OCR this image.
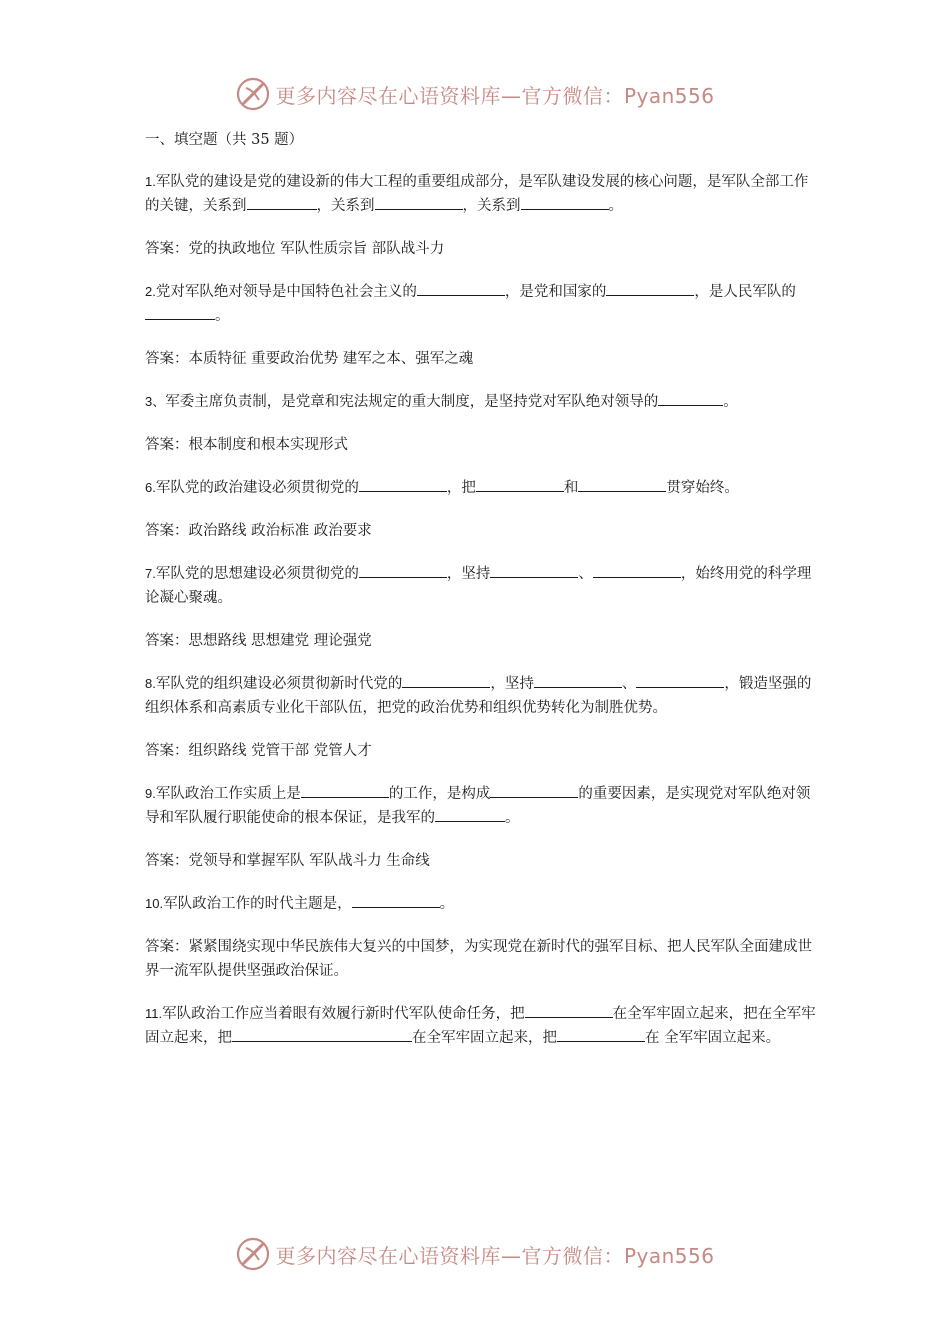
更多内容尽在心语资料库—官方微信：Pyan556
一、填空题（共 35 题）
1.军队党的建设是党的建设新的伟大工程的重要组成部分，是军队建设发展的核心问题，是军队全部工作的关键，关系到	，关系到	，关系到	。
答案：党的执政地位 军队性质宗旨 部队战斗力
2.党对军队绝对领导是中国特色社会主义的	，是党和国家的	，是人民军队的。
答案：本质特征 重要政治优势 建军之本、强军之魂
3、军委主席负责制，是党章和宪法规定的重大制度，是坚持党对军队绝对领导的	。
答案：根本制度和根本实现形式
6.军队党的政治建设必须贯彻党的	，把	和	贯穿始终。
答案：政治路线 政治标准 政治要求
7.军队党的思想建设必须贯彻党的	，坚持	、	，始终用党的科学理论凝心聚魂。
答案：思想路线 思想建党 理论强党
8.军队党的组织建设必须贯彻新时代党的	，坚持	、	，锻造坚强的组织体系和高素质专业化干部队伍，把党的政治优势和组织优势转化为制胜优势。
答案：组织路线 党管干部 党管人才
9.军队政治工作实质上是	的工作，是构成	的重要因素，是实现党对军队绝对领导和军队履行职能使命的根本保证，是我军的	。
答案：党领导和掌握军队 军队战斗力 生命线
10.军队政治工作的时代主题是，	。
答案：紧紧围绕实现中华民族伟大复兴的中国梦，为实现党在新时代的强军目标、把人民军队全面建成世界一流军队提供坚强政治保证。
11.军队政治工作应当着眼有效履行新时代军队使命任务，把	在全军牢固立起来，把在全军牢固立起来，把	在全军牢固立起来，把	在 全军牢固立起来。
更多内容尽在心语资料库—官方微信：Pyan556
